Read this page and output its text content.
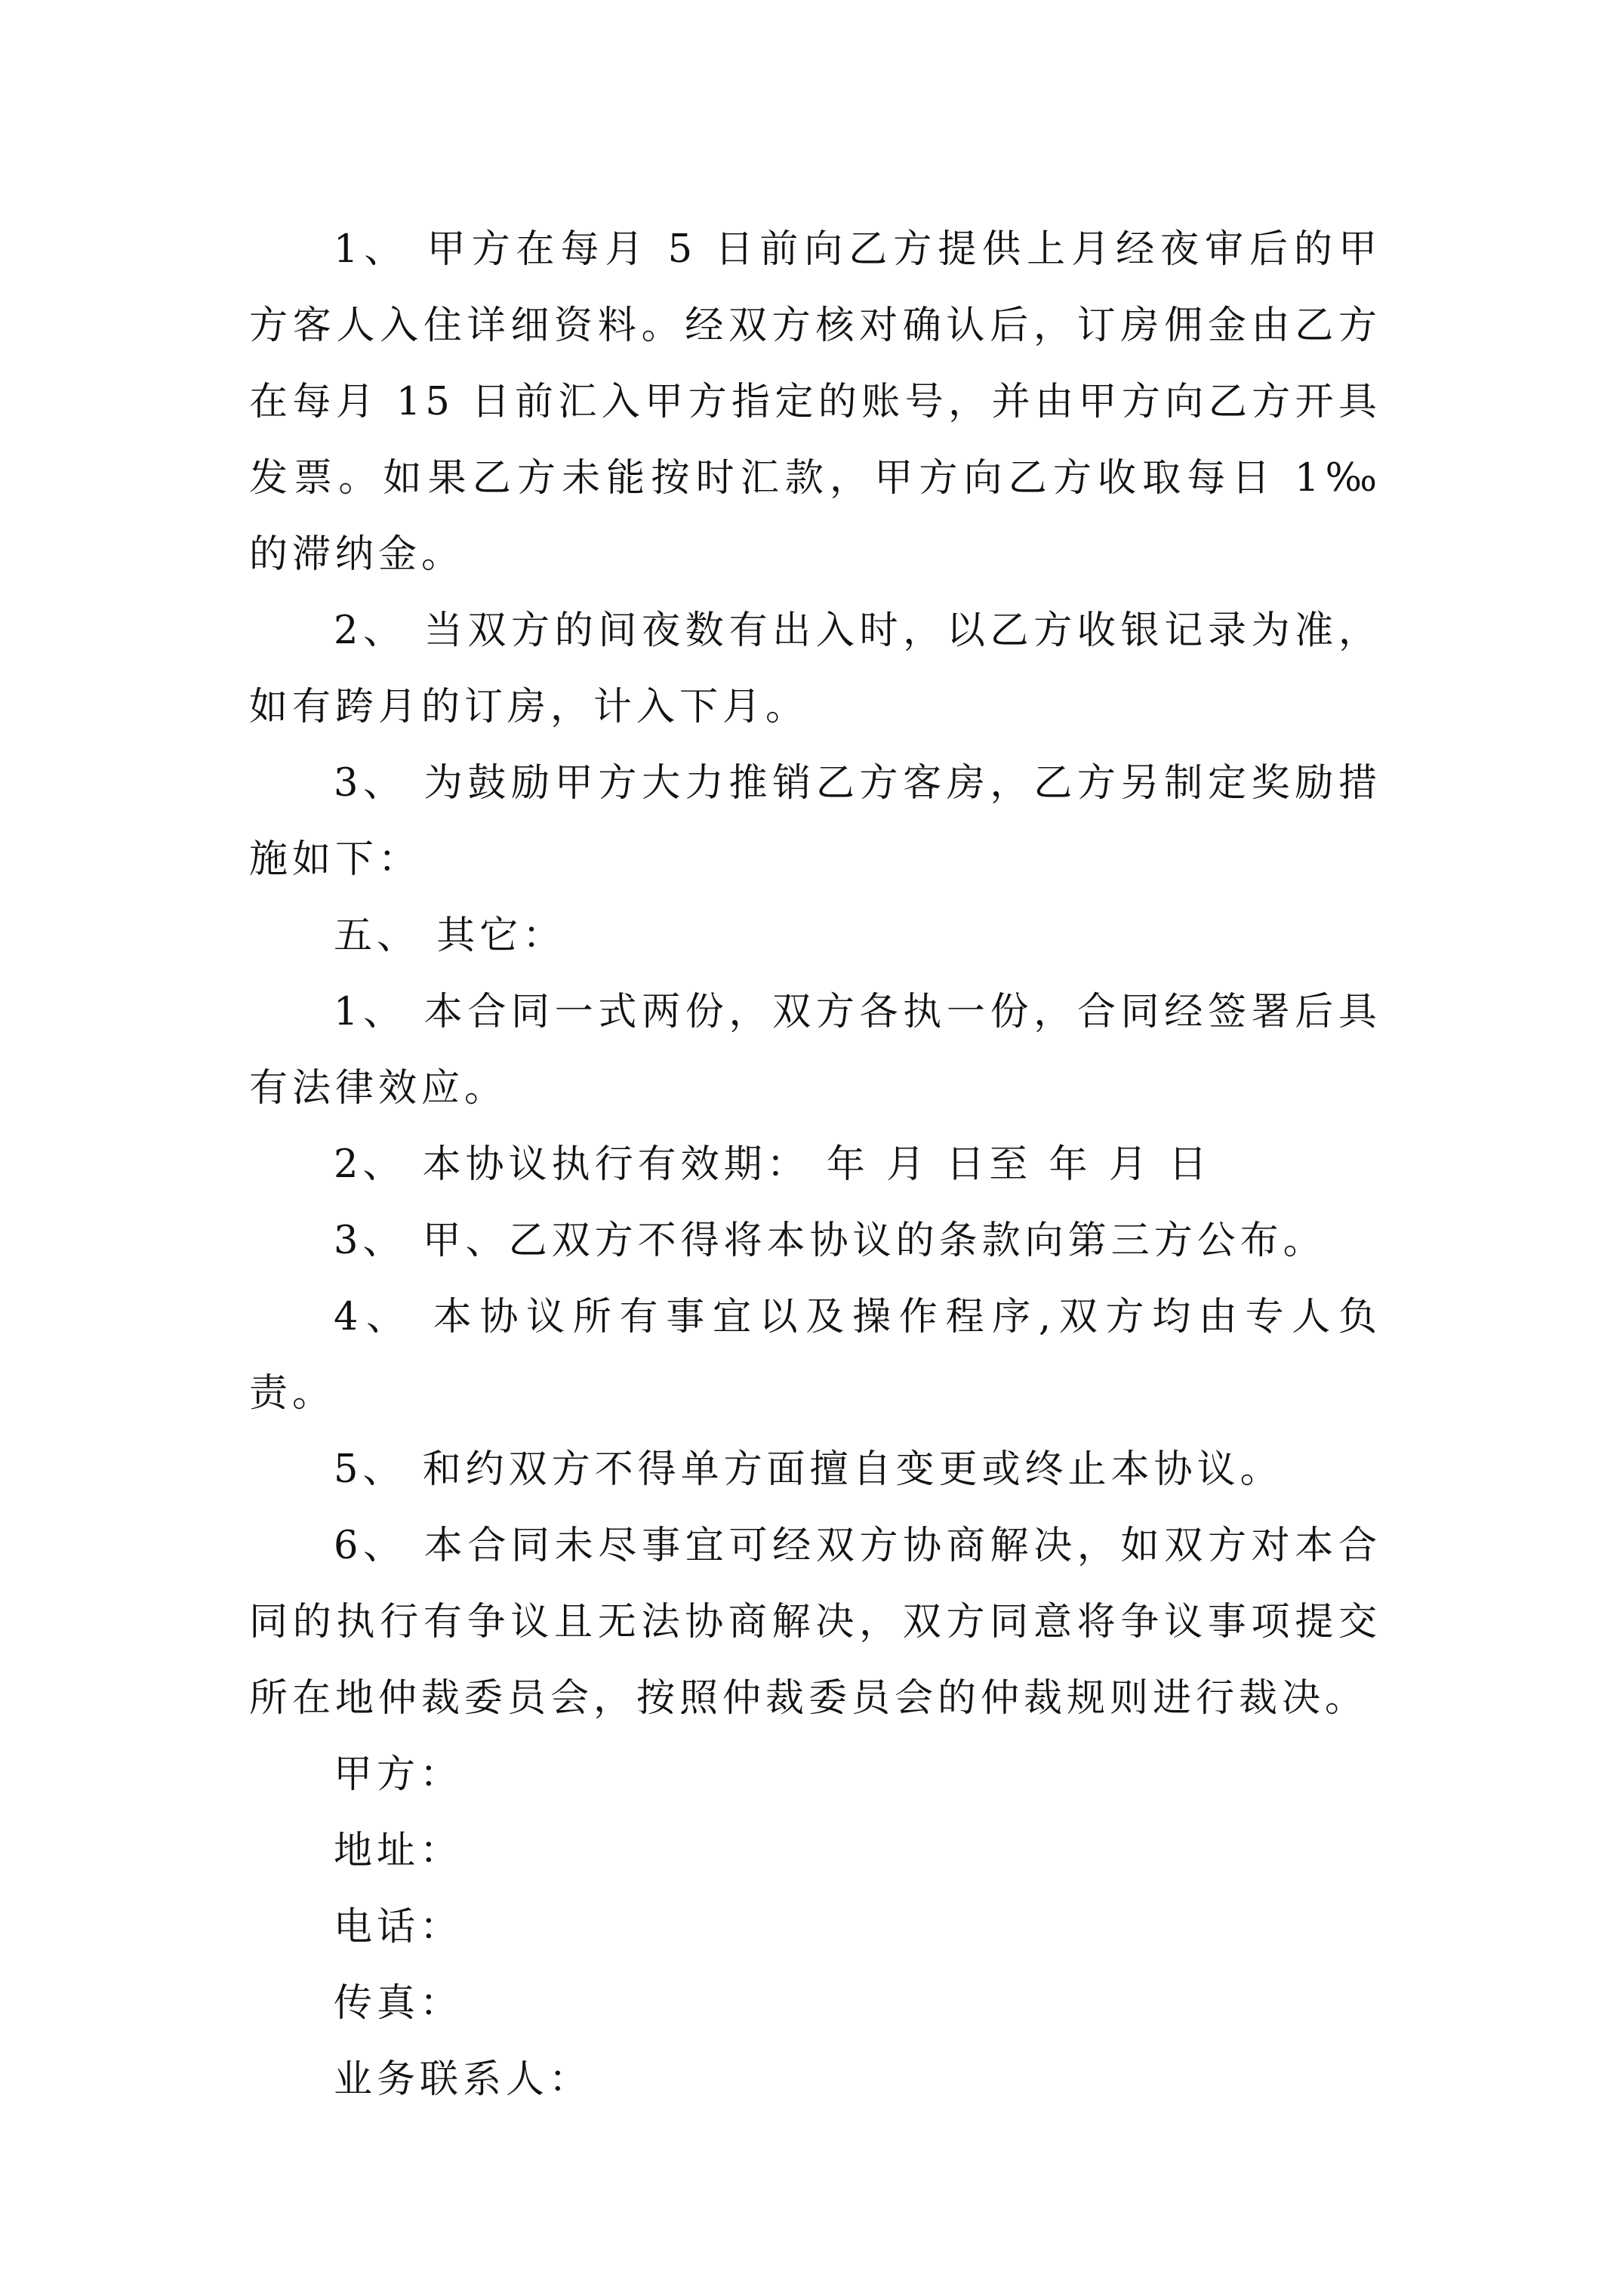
1、 甲方在每月 5 日前向乙方提供上月经夜审后的甲方客人入住详细资料。经双方核对确认后，订房佣金由乙方在每月 15 日前汇入甲方指定的账号，并由甲方向乙方开具发票。如果乙方未能按时汇款，甲方向乙方收取每日 1‰的滞纳金。

2、 当双方的间夜数有出入时，以乙方收银记录为准，如有跨月的订房，计入下月。

3、 为鼓励甲方大力推销乙方客房，乙方另制定奖励措施如下：

五、 其它：

1、 本合同一式两份，双方各执一份，合同经签署后具有法律效应。

2、 本协议执行有效期： 年 月 日至 年 月 日

3、 甲、乙双方不得将本协议的条款向第三方公布。

4、 本协议所有事宜以及操作程序,双方均由专人负责。

5、 和约双方不得单方面擅自变更或终止本协议。

6、 本合同未尽事宜可经双方协商解决，如双方对本合同的执行有争议且无法协商解决，双方同意将争议事项提交所在地仲裁委员会，按照仲裁委员会的仲裁规则进行裁决。

甲方：

地址：

电话：

传真：

业务联系人：
